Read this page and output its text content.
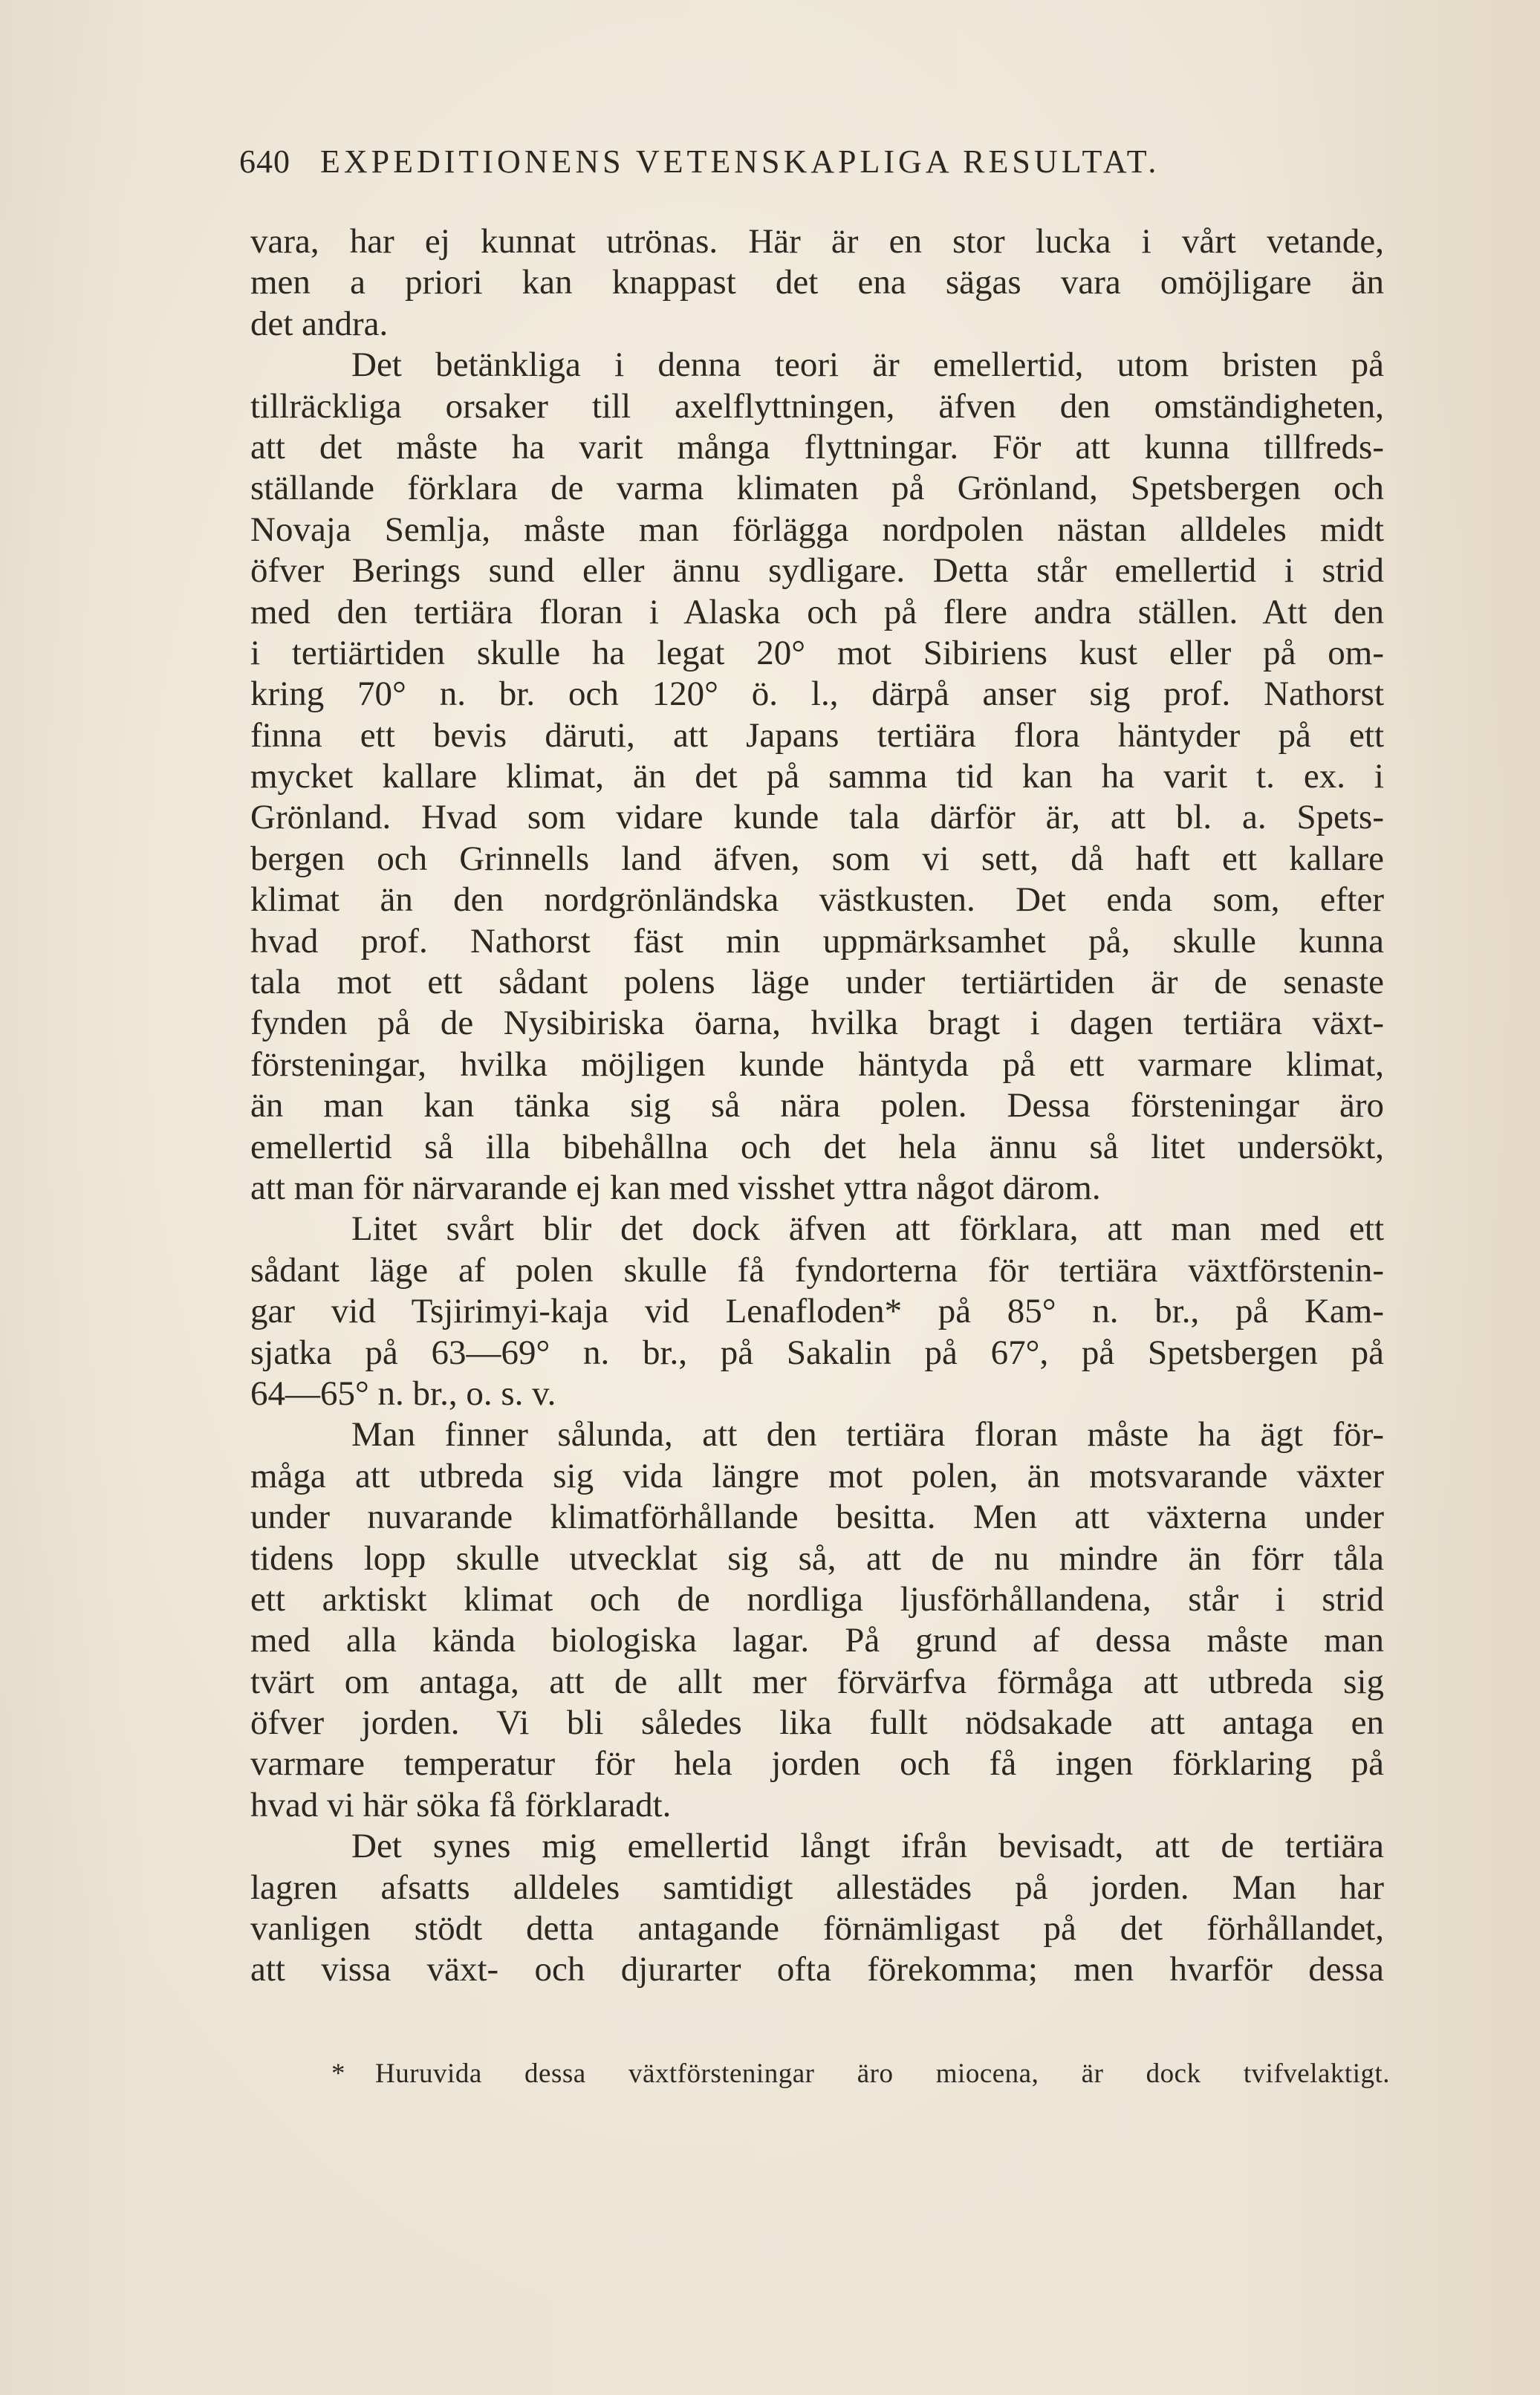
640 EXPEDITIONENS VETENSKAPLIGA RESULTAT.
vara, har ej kunnat utrönas. Här är en stor lucka i vårt vetande,
men a priori kan knappast det ena sägas vara omöjligare än
det andra.
Det betänkliga i denna teori är emellertid, utom bristen på
tillräckliga orsaker till axelflyttningen, äfven den omständigheten,
att det måste ha varit många flyttningar. För att kunna tillfreds-
ställande förklara de varma klimaten på Grönland, Spetsbergen och
Novaja Semlja, måste man förlägga nordpolen nästan alldeles midt
öfver Berings sund eller ännu sydligare. Detta står emellertid i strid
med den tertiära floran i Alaska och på flere andra ställen. Att den
i tertiärtiden skulle ha legat 20° mot Sibiriens kust eller på om-
kring 70° n. br. och 120° ö. l., därpå anser sig prof. Nathorst
finna ett bevis däruti, att Japans tertiära flora häntyder på ett
mycket kallare klimat, än det på samma tid kan ha varit t. ex. i
Grönland. Hvad som vidare kunde tala därför är, att bl. a. Spets-
bergen och Grinnells land äfven, som vi sett, då haft ett kallare
klimat än den nordgrönländska västkusten. Det enda som, efter
hvad prof. Nathorst fäst min uppmärksamhet på, skulle kunna
tala mot ett sådant polens läge under tertiärtiden är de senaste
fynden på de Nysibiriska öarna, hvilka bragt i dagen tertiära växt-
försteningar, hvilka möjligen kunde häntyda på ett varmare klimat,
än man kan tänka sig så nära polen. Dessa försteningar äro
emellertid så illa bibehållna och det hela ännu så litet undersökt,
att man för närvarande ej kan med visshet yttra något därom.
Litet svårt blir det dock äfven att förklara, att man med ett
sådant läge af polen skulle få fyndorterna för tertiära växtförstenin-
gar vid Tsjirimyi-kaja vid Lenafloden* på 85° n. br., på Kam-
sjatka på 63—69° n. br., på Sakalin på 67°, på Spetsbergen på
64—65° n. br., o. s. v.
Man finner sålunda, att den tertiära floran måste ha ägt för-
måga att utbreda sig vida längre mot polen, än motsvarande växter
under nuvarande klimatförhållande besitta. Men att växterna under
tidens lopp skulle utvecklat sig så, att de nu mindre än förr tåla
ett arktiskt klimat och de nordliga ljusförhållandena, står i strid
med alla kända biologiska lagar. På grund af dessa måste man
tvärt om antaga, att de allt mer förvärfva förmåga att utbreda sig
öfver jorden. Vi bli således lika fullt nödsakade att antaga en
varmare temperatur för hela jorden och få ingen förklaring på
hvad vi här söka få förklaradt.
Det synes mig emellertid långt ifrån bevisadt, att de tertiära
lagren afsatts alldeles samtidigt allestädes på jorden. Man har
vanligen stödt detta antagande förnämligast på det förhållandet,
att vissa växt- och djurarter ofta förekomma; men hvarför dessa
* Huruvida dessa växtförsteningar äro miocena, är dock tvifvelaktigt.
